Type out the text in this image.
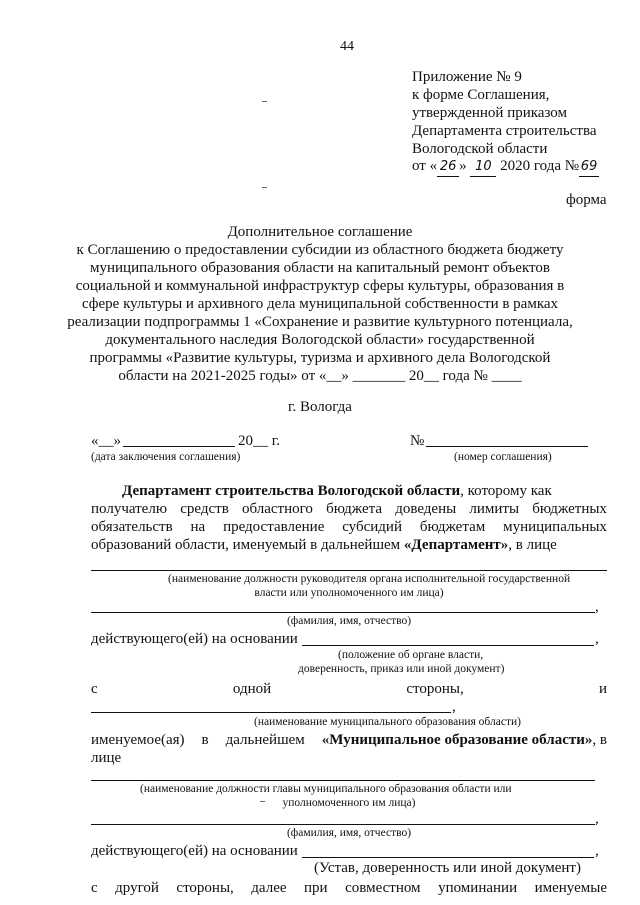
44
Приложение № 9
к форме Соглашения,
утвержденной приказом
Департамента строительства
Вологодской области
от « 26 » 10 2020 года № 69
форма
Дополнительное соглашение
к Соглашению о предоставлении субсидии из областного бюджета бюджету
муниципального образования области на капитальный ремонт объектов
социальной и коммунальной инфраструктур сферы культуры, образования в
сфере культуры и архивного дела муниципальной собственности в рамках
реализации подпрограммы 1 «Сохранение и развитие культурного потенциала,
документального наследия Вологодской области» государственной
программы «Развитие культуры, туризма и архивного дела Вологодской
области на 2021-2025 годы» от «__» _______ 20__ года № ____
г. Вологда
«__»	20__ г.
(дата заключения соглашения)
№
(номер соглашения)
Департамент строительства Вологодской области, которому как
получателю средств областного бюджета доведены лимиты бюджетных
обязательств на предоставление субсидий бюджетам муниципальных
образований области, именуемый в дальнейшем «Департамент», в лице
(наименование должности руководителя органа исполнительной государственной
власти или уполномоченного им лица)
,
(фамилия, имя, отчество)
действующего(ей) на основании	,
(положение об органе власти,
доверенность, приказ или иной документ)
с	одной	стороны,	и
,
(наименование муниципального образования области)
именуемое(ая) в дальнейшем «Муниципальное образование области», в
лице
(наименование должности главы муниципального образования области или
уполномоченного им лица)
,
(фамилия, имя, отчество)
действующего(ей) на основании	,
(Устав, доверенность или иной документ)
с другой стороны, далее при совместном упоминании именуемые
